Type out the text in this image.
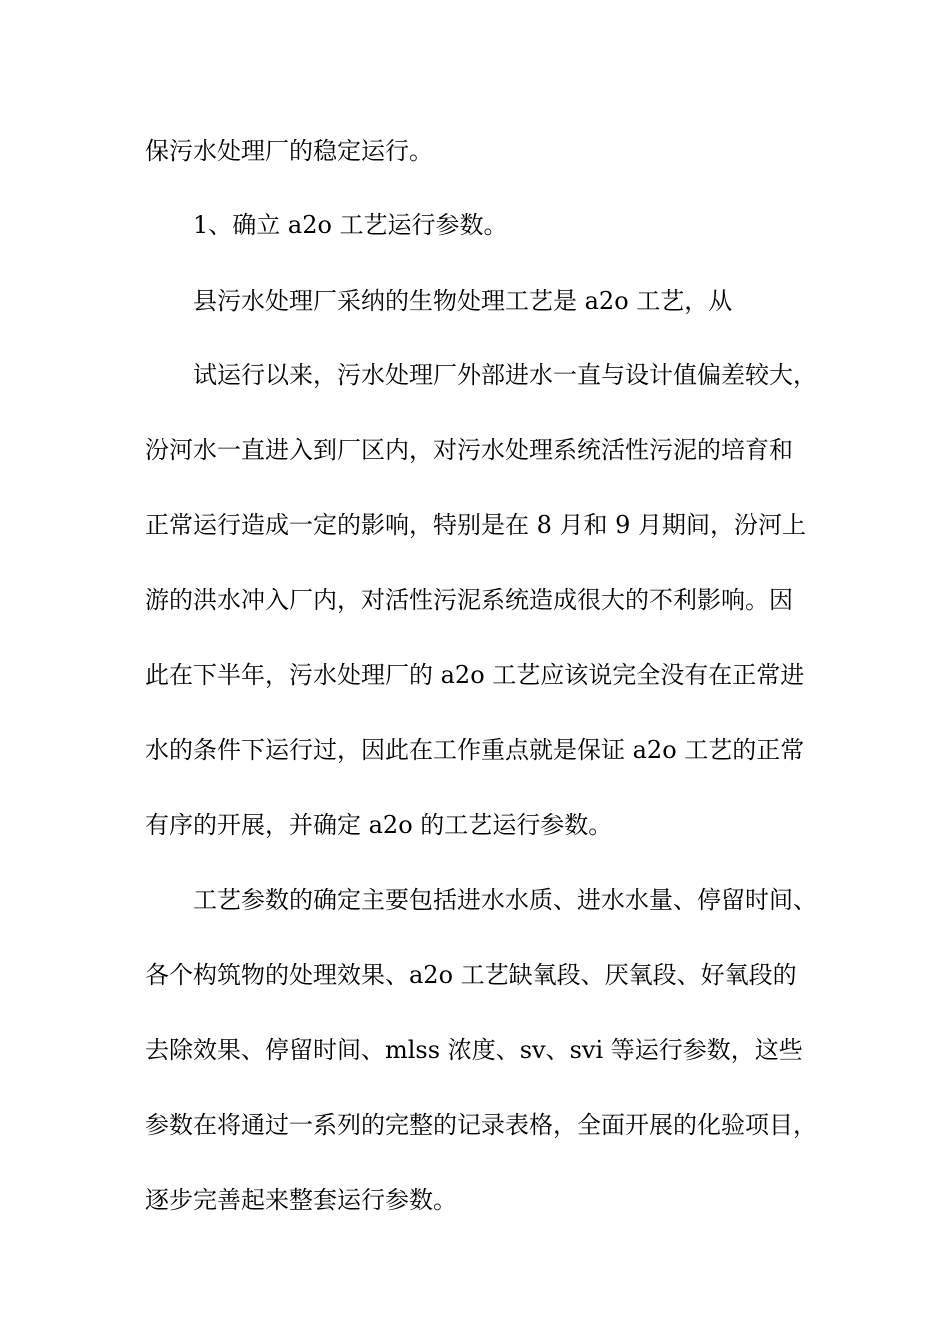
保污水处理厂的稳定运行。
1、确立 a2o 工艺运行参数。
县污水处理厂采纳的生物处理工艺是 a2o 工艺，从
试运行以来，污水处理厂外部进水一直与设计值偏差较大，
汾河水一直进入到厂区内，对污水处理系统活性污泥的培育和
正常运行造成一定的影响，特别是在 8 月和 9 月期间，汾河上
游的洪水冲入厂内，对活性污泥系统造成很大的不利影响。因
此在下半年，污水处理厂的 a2o 工艺应该说完全没有在正常进
水的条件下运行过，因此在工作重点就是保证 a2o 工艺的正常
有序的开展，并确定 a2o 的工艺运行参数。
工艺参数的确定主要包括进水水质、进水水量、停留时间、
各个构筑物的处理效果、a2o 工艺缺氧段、厌氧段、好氧段的
去除效果、停留时间、mlss 浓度、sv、svi 等运行参数，这些
参数在将通过一系列的完整的记录表格，全面开展的化验项目，
逐步完善起来整套运行参数。
